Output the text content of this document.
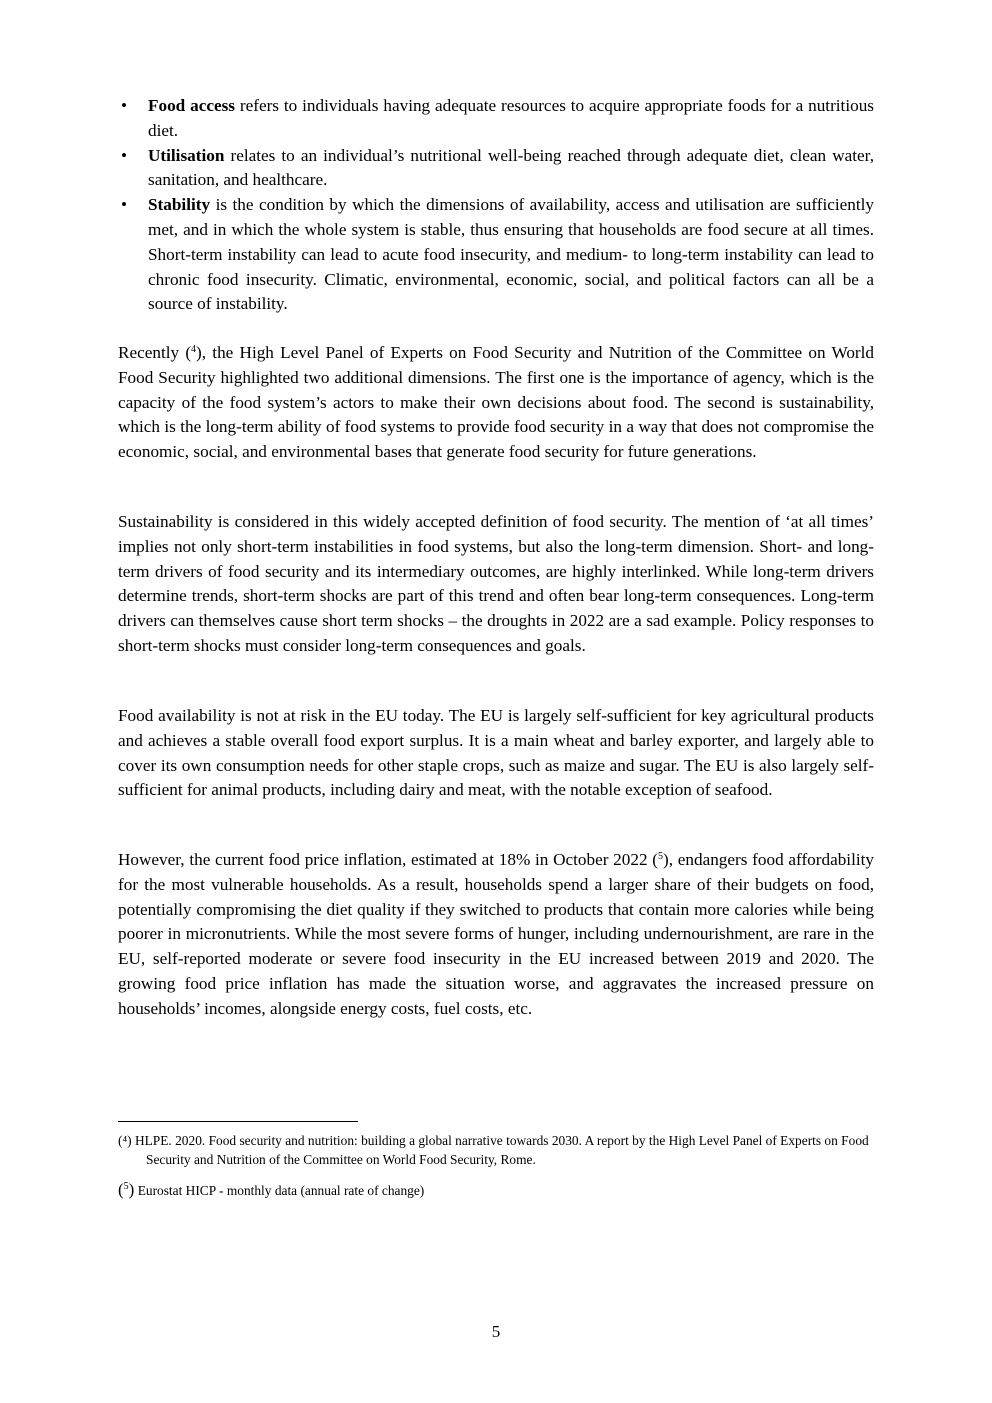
• Food access refers to individuals having adequate resources to acquire appropriate foods for a nutritious diet.
• Utilisation relates to an individual’s nutritional well-being reached through adequate diet, clean water, sanitation, and healthcare.
• Stability is the condition by which the dimensions of availability, access and utilisation are sufficiently met, and in which the whole system is stable, thus ensuring that households are food secure at all times. Short-term instability can lead to acute food insecurity, and medium- to long-term instability can lead to chronic food insecurity. Climatic, environmental, economic, social, and political factors can all be a source of instability.

Recently ($^4$), the High Level Panel of Experts on Food Security and Nutrition of the Committee on World Food Security highlighted two additional dimensions. The first one is the importance of agency, which is the capacity of the food system’s actors to make their own decisions about food. The second is sustainability, which is the long-term ability of food systems to provide food security in a way that does not compromise the economic, social, and environmental bases that generate food security for future generations.

Sustainability is considered in this widely accepted definition of food security. The mention of ‘at all times’ implies not only short-term instabilities in food systems, but also the long-term dimension. Short- and long-term drivers of food security and its intermediary outcomes, are highly interlinked. While long-term drivers determine trends, short-term shocks are part of this trend and often bear long-term consequences. Long-term drivers can themselves cause short term shocks – the droughts in 2022 are a sad example. Policy responses to short-term shocks must consider long-term consequences and goals.

Food availability is not at risk in the EU today. The EU is largely self-sufficient for key agricultural products and achieves a stable overall food export surplus. It is a main wheat and barley exporter, and largely able to cover its own consumption needs for other staple crops, such as maize and sugar. The EU is also largely self-sufficient for animal products, including dairy and meat, with the notable exception of seafood.

However, the current food price inflation, estimated at 18% in October 2022 ($^5$), endangers food affordability for the most vulnerable households. As a result, households spend a larger share of their budgets on food, potentially compromising the diet quality if they switched to products that contain more calories while being poorer in micronutrients. While the most severe forms of hunger, including undernourishment, are rare in the EU, self-reported moderate or severe food insecurity in the EU increased between 2019 and 2020. The growing food price inflation has made the situation worse, and aggravates the increased pressure on households’ incomes, alongside energy costs, fuel costs, etc.

(⁴) HLPE. 2020. Food security and nutrition: building a global narrative towards 2030. A report by the High Level Panel of Experts on Food Security and Nutrition of the Committee on World Food Security, Rome.
($^5$) Eurostat HICP - monthly data (annual rate of change)
5
